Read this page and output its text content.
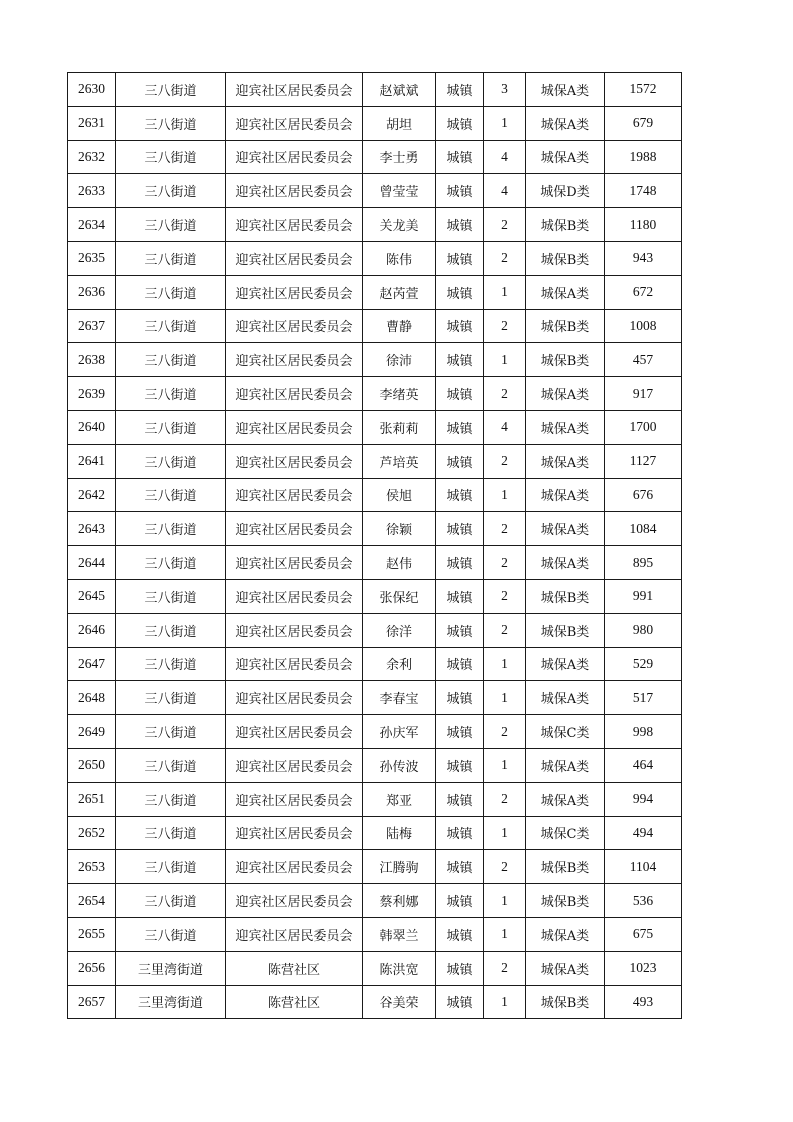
2630	三八街道	迎宾社区居民委员会	赵斌斌	城镇	3	城保A类	1572
2631	三八街道	迎宾社区居民委员会	胡坦	城镇	1	城保A类	679
2632	三八街道	迎宾社区居民委员会	李士勇	城镇	4	城保A类	1988
2633	三八街道	迎宾社区居民委员会	曾莹莹	城镇	4	城保D类	1748
2634	三八街道	迎宾社区居民委员会	关龙美	城镇	2	城保B类	1180
2635	三八街道	迎宾社区居民委员会	陈伟	城镇	2	城保B类	943
2636	三八街道	迎宾社区居民委员会	赵芮萱	城镇	1	城保A类	672
2637	三八街道	迎宾社区居民委员会	曹静	城镇	2	城保B类	1008
2638	三八街道	迎宾社区居民委员会	徐沛	城镇	1	城保B类	457
2639	三八街道	迎宾社区居民委员会	李绪英	城镇	2	城保A类	917
2640	三八街道	迎宾社区居民委员会	张莉莉	城镇	4	城保A类	1700
2641	三八街道	迎宾社区居民委员会	芦培英	城镇	2	城保A类	1127
2642	三八街道	迎宾社区居民委员会	侯旭	城镇	1	城保A类	676
2643	三八街道	迎宾社区居民委员会	徐颖	城镇	2	城保A类	1084
2644	三八街道	迎宾社区居民委员会	赵伟	城镇	2	城保A类	895
2645	三八街道	迎宾社区居民委员会	张保纪	城镇	2	城保B类	991
2646	三八街道	迎宾社区居民委员会	徐洋	城镇	2	城保B类	980
2647	三八街道	迎宾社区居民委员会	余利	城镇	1	城保A类	529
2648	三八街道	迎宾社区居民委员会	李春宝	城镇	1	城保A类	517
2649	三八街道	迎宾社区居民委员会	孙庆军	城镇	2	城保C类	998
2650	三八街道	迎宾社区居民委员会	孙传波	城镇	1	城保A类	464
2651	三八街道	迎宾社区居民委员会	郑亚	城镇	2	城保A类	994
2652	三八街道	迎宾社区居民委员会	陆梅	城镇	1	城保C类	494
2653	三八街道	迎宾社区居民委员会	江腾驹	城镇	2	城保B类	1104
2654	三八街道	迎宾社区居民委员会	蔡利娜	城镇	1	城保B类	536
2655	三八街道	迎宾社区居民委员会	韩翠兰	城镇	1	城保A类	675
2656	三里湾街道	陈营社区	陈洪宽	城镇	2	城保A类	1023
2657	三里湾街道	陈营社区	谷美荣	城镇	1	城保B类	493
